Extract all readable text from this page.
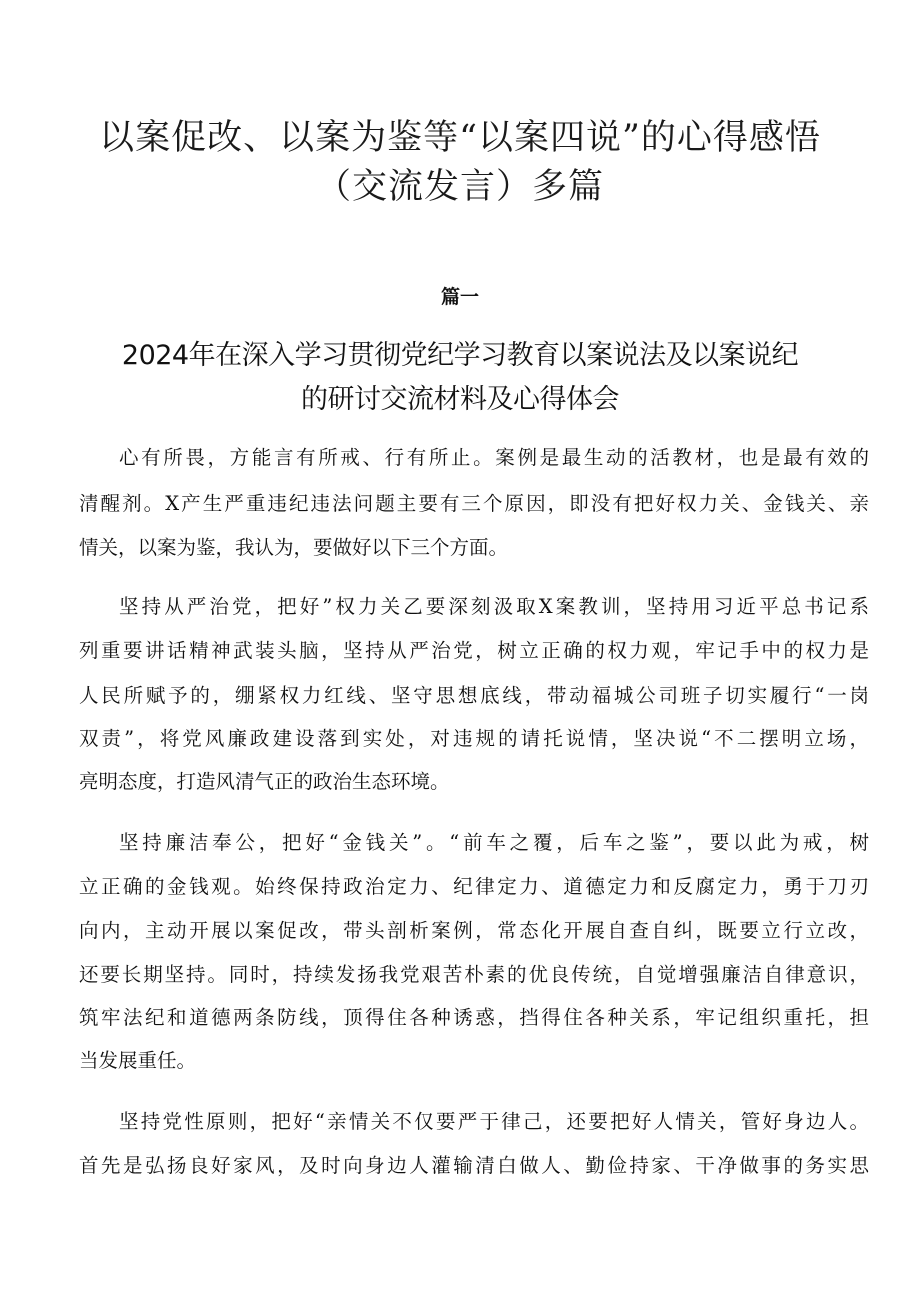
以案促改、以案为鉴等“以案四说”的心得感悟
（交流发言）多篇
篇一
2024年在深入学习贯彻党纪学习教育以案说法及以案说纪
的研讨交流材料及心得体会
心有所畏，方能言有所戒、行有所止。案例是最生动的活教材，也是最有效的
清醒剂。X产生严重违纪违法问题主要有三个原因，即没有把好权力关、金钱关、亲
情关，以案为鉴，我认为，要做好以下三个方面。
坚持从严治党，把好”权力关乙要深刻汲取X案教训，坚持用习近平总书记系
列重要讲话精神武装头脑，坚持从严治党，树立正确的权力观，牢记手中的权力是
人民所赋予的，绷紧权力红线、坚守思想底线，带动福城公司班子切实履行“一岗
双责”，将党风廉政建设落到实处，对违规的请托说情，坚决说“不二摆明立场，
亮明态度，打造风清气正的政治生态环境。
坚持廉洁奉公，把好“金钱关”。“前车之覆，后车之鉴”，要以此为戒，树
立正确的金钱观。始终保持政治定力、纪律定力、道德定力和反腐定力，勇于刀刃
向内，主动开展以案促改，带头剖析案例，常态化开展自查自纠，既要立行立改，
还要长期坚持。同时，持续发扬我党艰苦朴素的优良传统，自觉增强廉洁自律意识，
筑牢法纪和道德两条防线，顶得住各种诱惑，挡得住各种关系，牢记组织重托，担
当发展重任。
坚持党性原则，把好“亲情关不仅要严于律己，还要把好人情关，管好身边人。
首先是弘扬良好家风，及时向身边人灌输清白做人、勤俭持家、干净做事的务实思
